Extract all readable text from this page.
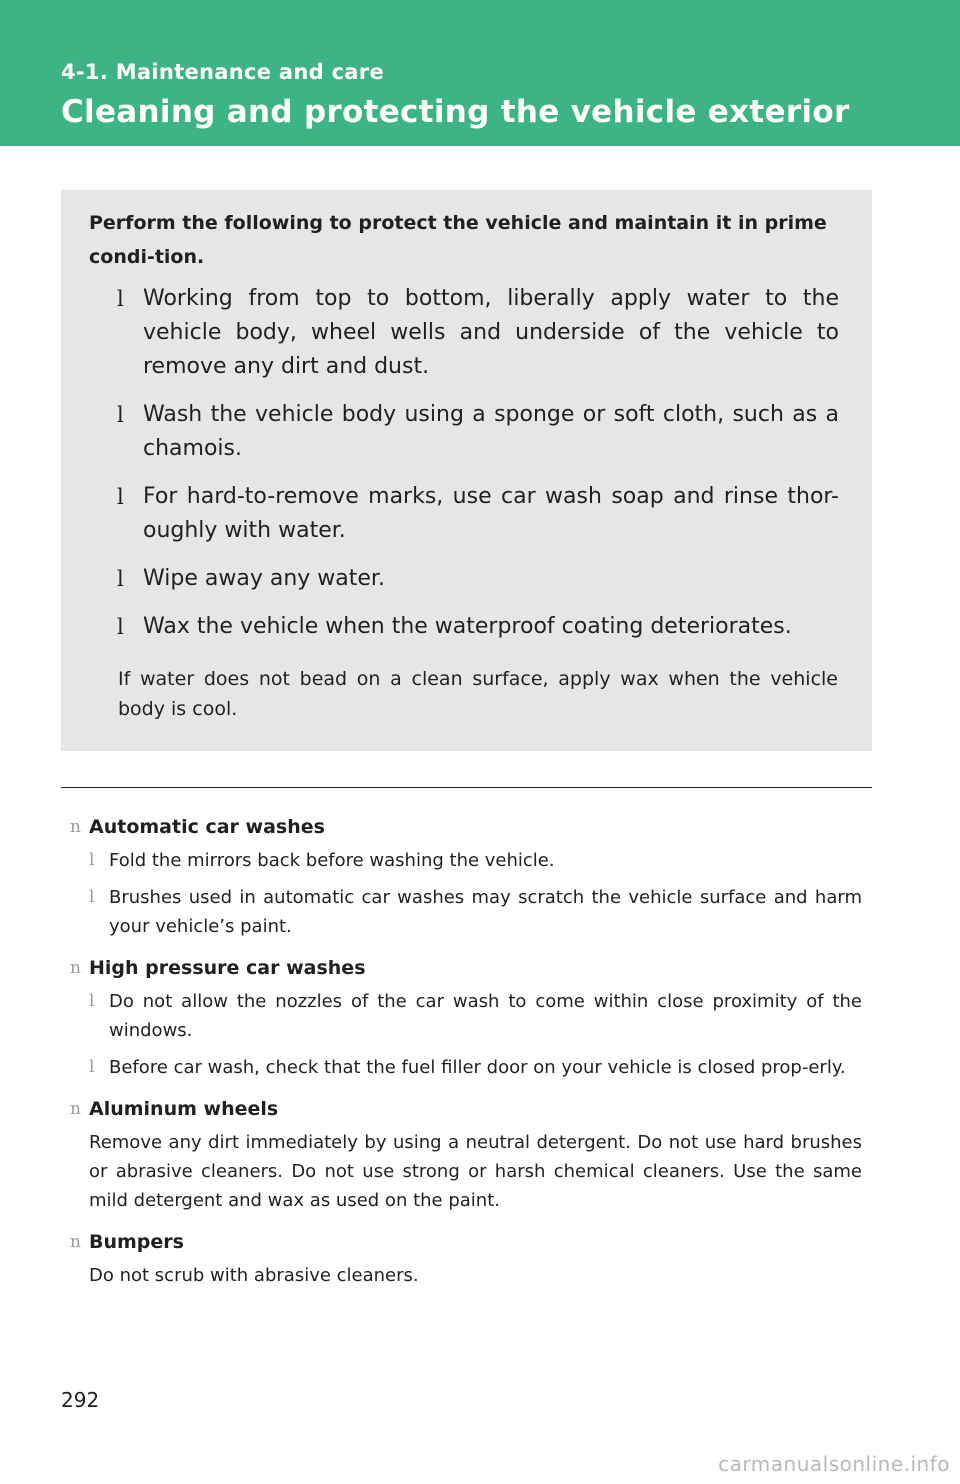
4-1. Maintenance and care
Cleaning and protecting the vehicle exterior
Perform the following to protect the vehicle and maintain it in prime condi-tion.
l Working from top to bottom, liberally apply water to the vehicle body, wheel wells and underside of the vehicle to remove any dirt and dust.
l Wash the vehicle body using a sponge or soft cloth, such as a chamois.
l For hard-to-remove marks, use car wash soap and rinse thor-oughly with water.
l Wipe away any water.
l Wax the vehicle when the waterproof coating deteriorates.
If water does not bead on a clean surface, apply wax when the vehicle body is cool.
n Automatic car washes
l Fold the mirrors back before washing the vehicle.
l Brushes used in automatic car washes may scratch the vehicle surface and harm your vehicle’s paint.
n High pressure car washes
l Do not allow the nozzles of the car wash to come within close proximity of the windows.
l Before car wash, check that the fuel filler door on your vehicle is closed prop-erly.
n Aluminum wheels
Remove any dirt immediately by using a neutral detergent. Do not use hard brushes or abrasive cleaners. Do not use strong or harsh chemical cleaners. Use the same mild detergent and wax as used on the paint.
n Bumpers
Do not scrub with abrasive cleaners.
292
carmanualsonline.info
